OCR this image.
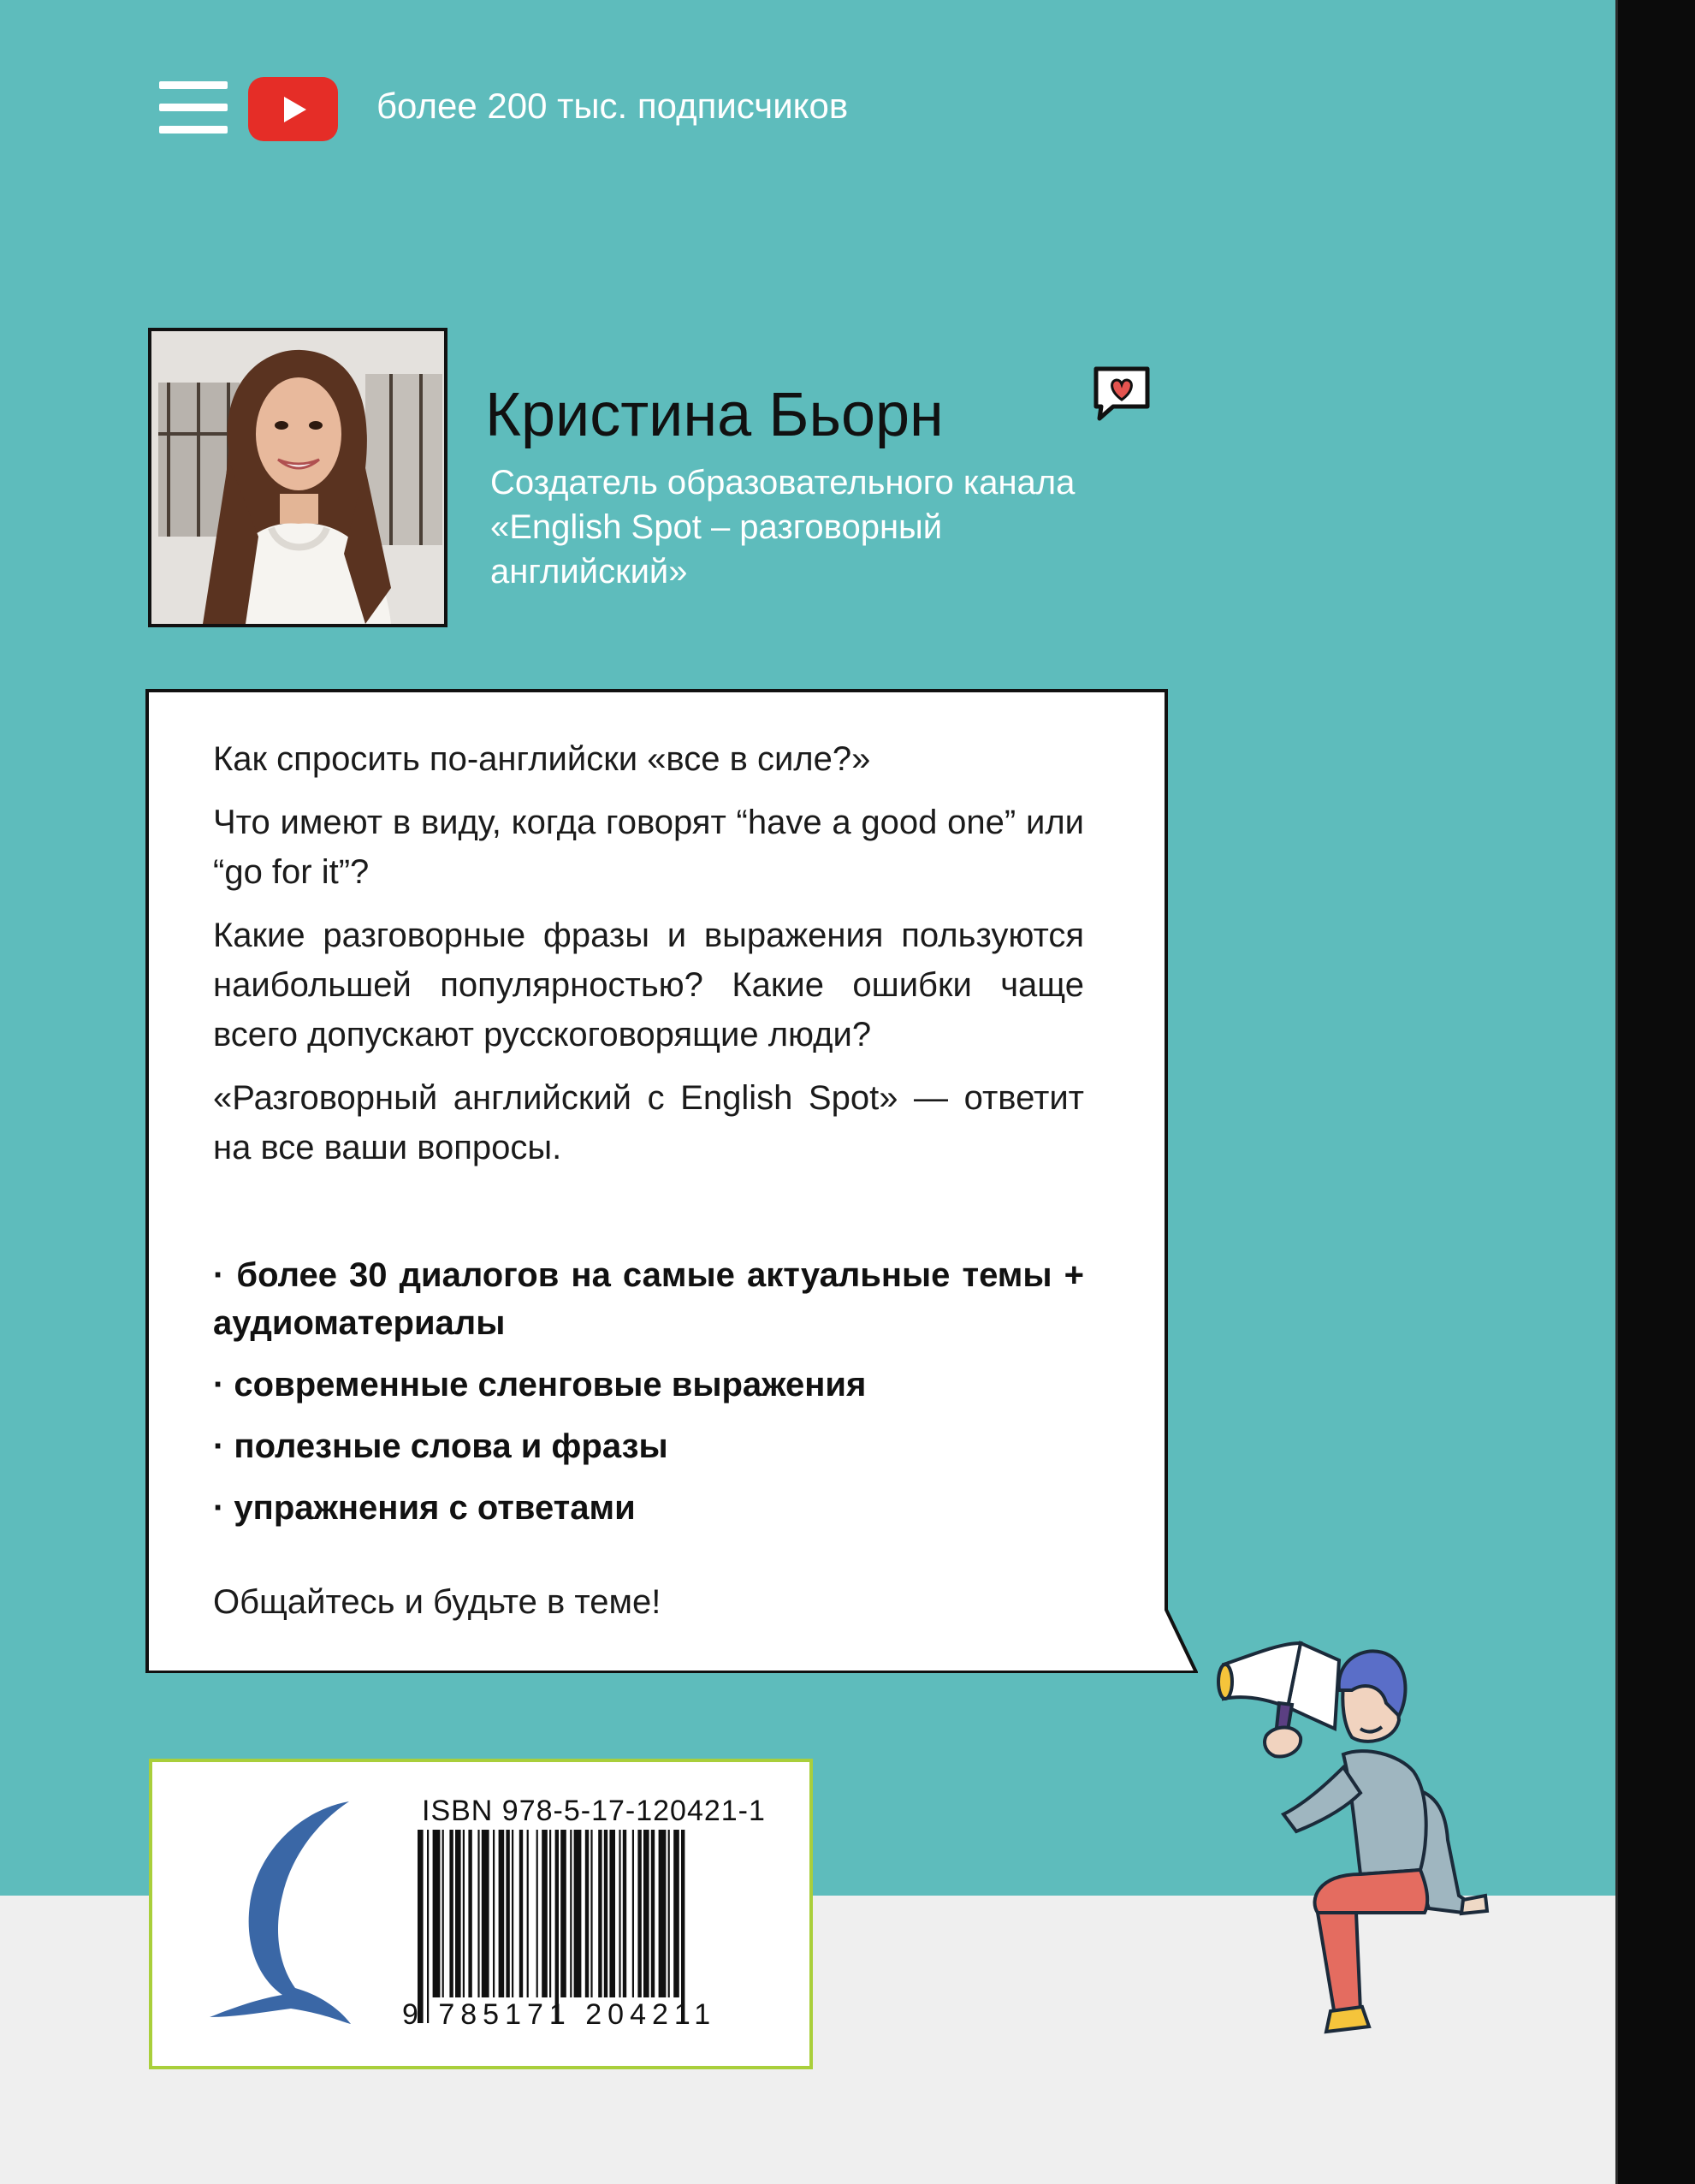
более 200 тыс. подписчиков
Кристина Бьорн
Создатель образовательного канала
«English Spot – разговорный
английский»

Как спросить по-английски «все в силе?»

Что имеют в виду, когда говорят “have a good one” или “go for it”?

Какие разговорные фразы и выражения пользуются наибольшей популярностью? Какие ошибки чаще всего допускают русскоговорящие люди?

«Разговорный английский с English Spot» — ответит на все ваши вопросы.

· более 30 диалогов на самые актуальные темы + аудиоматериалы
· современные сленговые выражения
· полезные слова и фразы
· упражнения с ответами
Общайтесь и будьте в теме!
ISBN 978-5-17-120421-1
9 785171 204211
